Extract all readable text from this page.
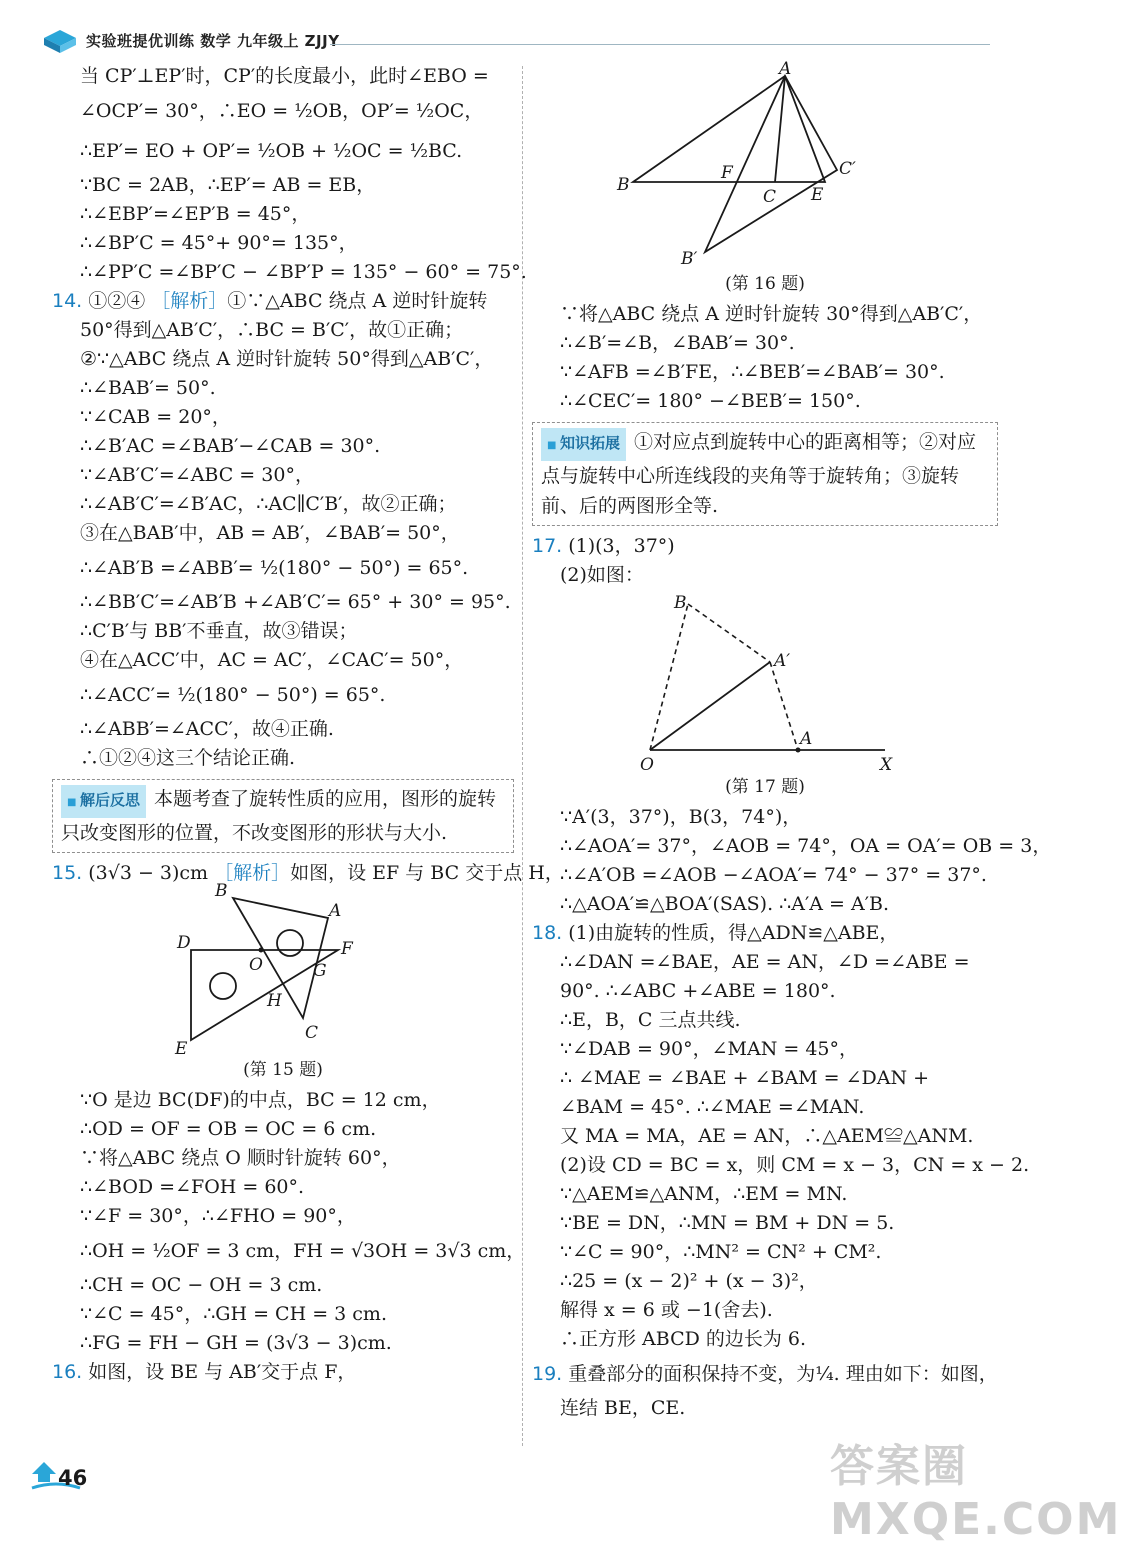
实验班提优训练 数学 九年级上 ZJJY

当 CP′⊥EP′时，CP′的长度最小，此时∠EBO =

∠OCP′= 30°，∴EO = ½OB，OP′= ½OC，

∴EP′= EO + OP′= ½OB + ½OC = ½BC.

∵BC = 2AB，∴EP′= AB = EB，

∴∠EBP′=∠EP′B = 45°，

∴∠BP′C = 45°+ 90°= 135°，

∴∠PP′C =∠BP′C − ∠BP′P = 135° − 60° = 75°.

14. ①②④ ［解析］①∵△ABC 绕点 A 逆时针旋转

50°得到△AB′C′，∴BC = B′C′，故①正确；

②∵△ABC 绕点 A 逆时针旋转 50°得到△AB′C′，

∴∠BAB′= 50°.

∵∠CAB = 20°，

∴∠B′AC =∠BAB′−∠CAB = 30°.

∵∠AB′C′=∠ABC = 30°，

∴∠AB′C′=∠B′AC，∴AC∥C′B′，故②正确；

③在△BAB′中，AB = AB′，∠BAB′= 50°，

∴∠AB′B =∠ABB′= ½(180° − 50°) = 65°.

∴∠BB′C′=∠AB′B +∠AB′C′= 65° + 30° = 95°.

∴C′B′与 BB′不垂直，故③错误；

④在△ACC′中，AC = AC′，∠CAC′= 50°，

∴∠ACC′= ½(180° − 50°) = 65°.

∴∠ABB′=∠ACC′，故④正确.

∴①②④这三个结论正确.

■ 解后反思 本题考查了旋转性质的应用，图形的旋转只改变图形的位置，不改变图形的形状与大小.

15. (3√3 − 3)cm ［解析］如图，设 EF 与 BC 交于点 H，

B
A
D	F
O	G
H
C
E

(第 15 题)

∵O 是边 BC(DF)的中点，BC = 12 cm，

∴OD = OF = OB = OC = 6 cm.

∵将△ABC 绕点 O 顺时针旋转 60°，

∴∠BOD =∠FOH = 60°.

∵∠F = 30°，∴∠FHO = 90°，

∴OH = ½OF = 3 cm，FH = √3OH = 3√3 cm，

∴CH = OC − OH = 3 cm.

∵∠C = 45°，∴GH = CH = 3 cm.

∴FG = FH − GH = (3√3 − 3)cm.

16. 如图，设 BE 与 AB′交于点 F，

A
B
F
C E
C′
B′

(第 16 题)

∵将△ABC 绕点 A 逆时针旋转 30°得到△AB′C′，

∴∠B′=∠B，∠BAB′= 30°.

∵∠AFB =∠B′FE，∴∠BEB′=∠BAB′= 30°.

∴∠CEC′= 180° −∠BEB′= 150°.

■ 知识拓展 ①对应点到旋转中心的距离相等；②对应点与旋转中心所连线段的夹角等于旋转角；③旋转前、后的两图形全等.

17. (1)(3，37°)

(2)如图：

B
A′
A
O	X

(第 17 题)

∵A′(3，37°)，B(3，74°)，

∴∠AOA′= 37°，∠AOB = 74°，OA = OA′= OB = 3，

∴∠A′OB =∠AOB −∠AOA′= 74° − 37° = 37°.

∴△AOA′≌△BOA′(SAS). ∴A′A = A′B.

18. (1)由旋转的性质，得△ADN≌△ABE，

∴∠DAN =∠BAE，AE = AN，∠D =∠ABE =

90°. ∴∠ABC +∠ABE = 180°.

∴E，B，C 三点共线.

∵∠DAB = 90°，∠MAN = 45°，

∴ ∠MAE = ∠BAE + ∠BAM = ∠DAN +

∠BAM = 45°. ∴∠MAE =∠MAN.

又 MA = MA，AE = AN，∴△AEM≌△ANM.

(2)设 CD = BC = x，则 CM = x − 3，CN = x − 2.

∵△AEM≌△ANM，∴EM = MN.

∵BE = DN，∴MN = BM + DN = 5.

∵∠C = 90°，∴MN² = CN² + CM².

∴25 = (x − 2)² + (x − 3)²，

解得 x = 6 或 −1(舍去).

∴正方形 ABCD 的边长为 6.

19. 重叠部分的面积保持不变，为¼. 理由如下：如图，

连结 BE，CE.

46	答案圈 MXQE.COM
